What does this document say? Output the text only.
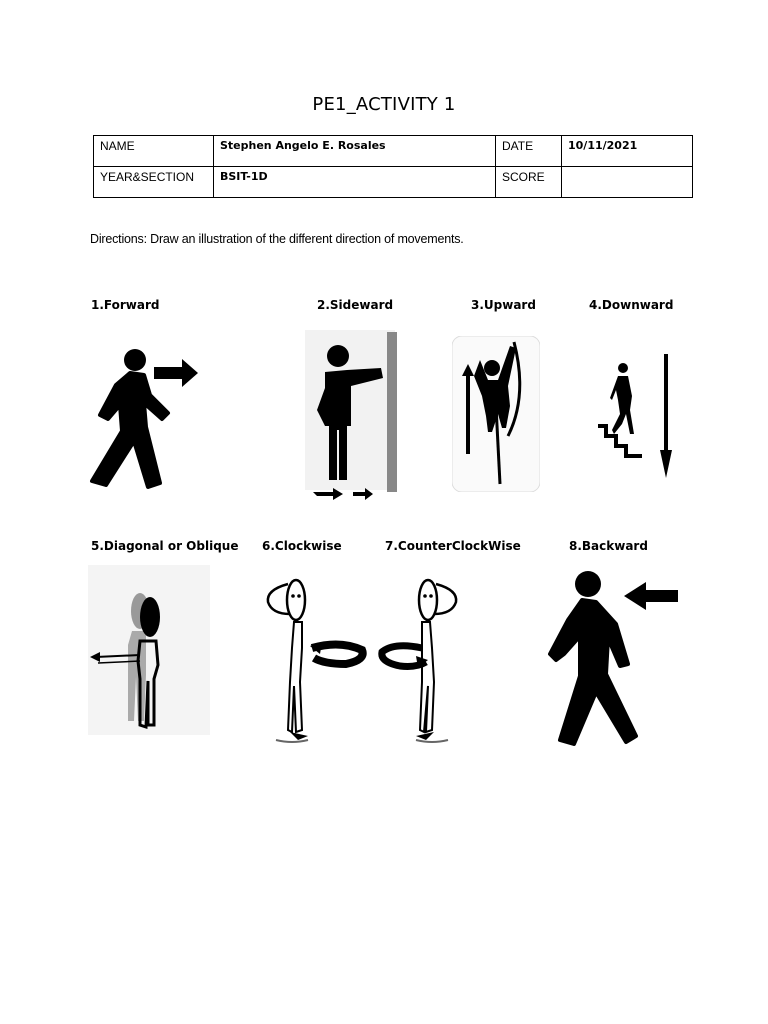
PE1_ACTIVITY 1
NAME	Stephen Angelo E. Rosales	DATE	10/11/2021
YEAR&SECTION	BSIT-1D	SCORE	
Directions: Draw an illustration of the different direction of movements.
1.Forward	2.Sideward	3.Upward	4.Downward
5.Diagonal or Oblique 6.Clockwise	7.CounterClockWise	8.Backward
